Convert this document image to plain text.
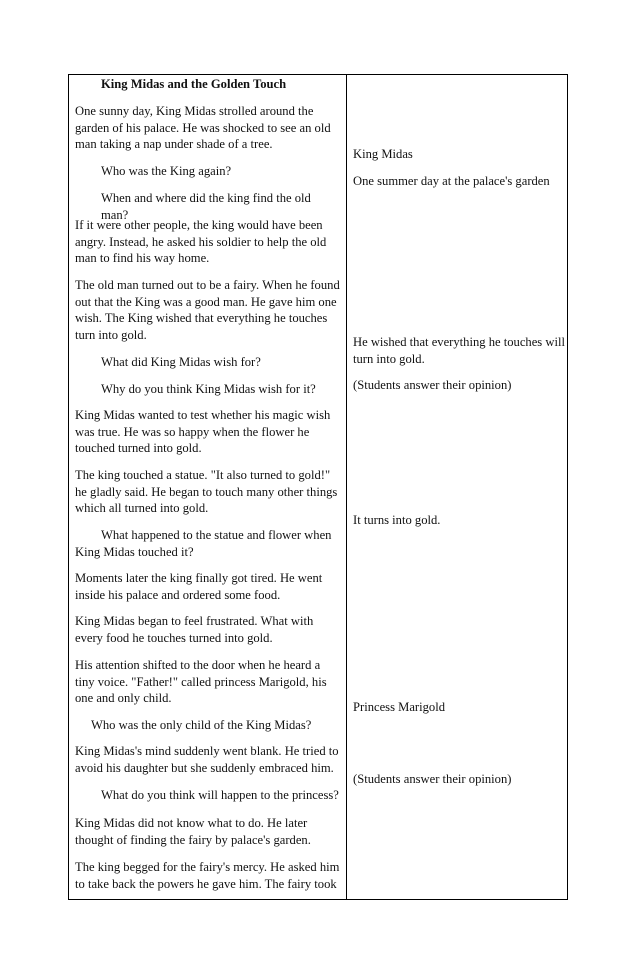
King Midas and the Golden Touch

One sunny day, King Midas strolled around the garden of his palace. He was shocked to see an old man taking a nap under shade of a tree.

Who was the King again?

When and where did the king find the old man?

If it were other people, the king would have been angry. Instead, he asked his soldier to help the old man to find his way home.

The old man turned out to be a fairy. When he found out that the King was a good man. He gave him one wish. The King wished that everything he touches turn into gold.

What did King Midas wish for?

Why do you think King Midas wish for it?

King Midas wanted to test whether his magic wish was true. He was so happy when the flower he touched turned into gold.

The king touched a statue. "It also turned to gold!" he gladly said. He began to touch many other things which all turned into gold.

What happened to the statue and flower when King Midas touched it?

Moments later the king finally got tired. He went inside his palace and ordered some food.

King Midas began to feel frustrated. What with every food he touches turned into gold.

His attention shifted to the door when he heard a tiny voice. "Father!" called princess Marigold, his one and only child.

Who was the only child of the King Midas?

King Midas's mind suddenly went blank. He tried to avoid his daughter but she suddenly embraced him.

What do you think will happen to the princess?

King Midas did not know what to do. He later thought of finding the fairy by palace's garden.

The king begged for the fairy's mercy. He asked him to take back the powers he gave him. The fairy took

King Midas

One summer day at the palace's garden

He wished that everything he touches will turn into gold.

(Students answer their opinion)

It turns into gold.

Princess Marigold

(Students answer their opinion)
